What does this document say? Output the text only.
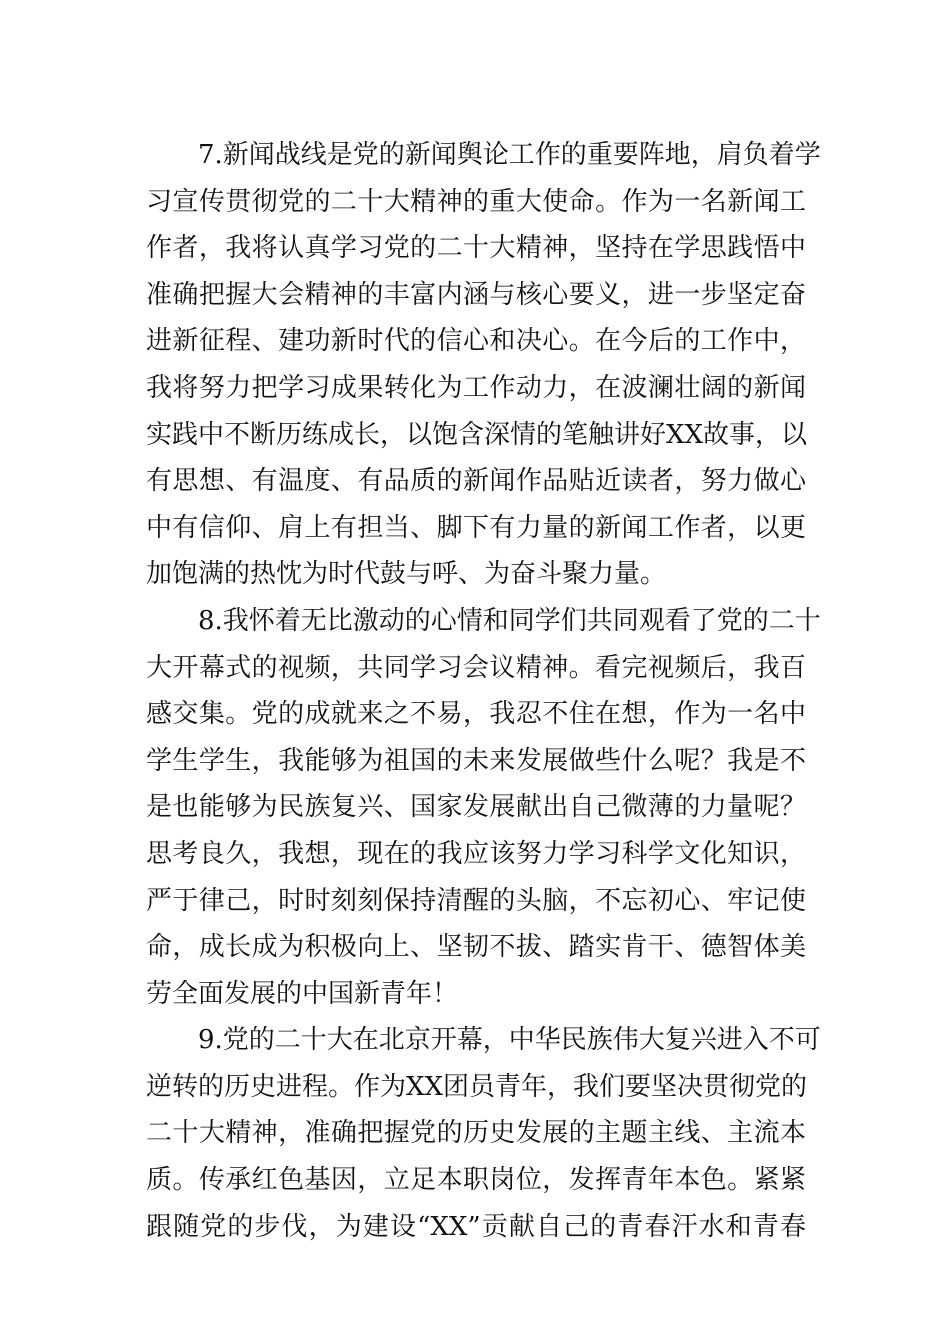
7.新闻战线是党的新闻舆论工作的重要阵地，肩负着学
习宣传贯彻党的二十大精神的重大使命。作为一名新闻工
作者，我将认真学习党的二十大精神，坚持在学思践悟中
准确把握大会精神的丰富内涵与核心要义，进一步坚定奋
进新征程、建功新时代的信心和决心。在今后的工作中，
我将努力把学习成果转化为工作动力，在波澜壮阔的新闻
实践中不断历练成长，以饱含深情的笔触讲好XX故事，以
有思想、有温度、有品质的新闻作品贴近读者，努力做心
中有信仰、肩上有担当、脚下有力量的新闻工作者，以更
加饱满的热忱为时代鼓与呼、为奋斗聚力量。
8.我怀着无比激动的心情和同学们共同观看了党的二十
大开幕式的视频，共同学习会议精神。看完视频后，我百
感交集。党的成就来之不易，我忍不住在想，作为一名中
学生学生，我能够为祖国的未来发展做些什么呢？我是不
是也能够为民族复兴、国家发展献出自己微薄的力量呢？
思考良久，我想，现在的我应该努力学习科学文化知识，
严于律己，时时刻刻保持清醒的头脑，不忘初心、牢记使
命，成长成为积极向上、坚韧不拔、踏实肯干、德智体美
劳全面发展的中国新青年！
9.党的二十大在北京开幕，中华民族伟大复兴进入不可
逆转的历史进程。作为XX团员青年，我们要坚决贯彻党的
二十大精神，准确把握党的历史发展的主题主线、主流本
质。传承红色基因，立足本职岗位，发挥青年本色。紧紧
跟随党的步伐，为建设“XX”贡献自己的青春汗水和青春
